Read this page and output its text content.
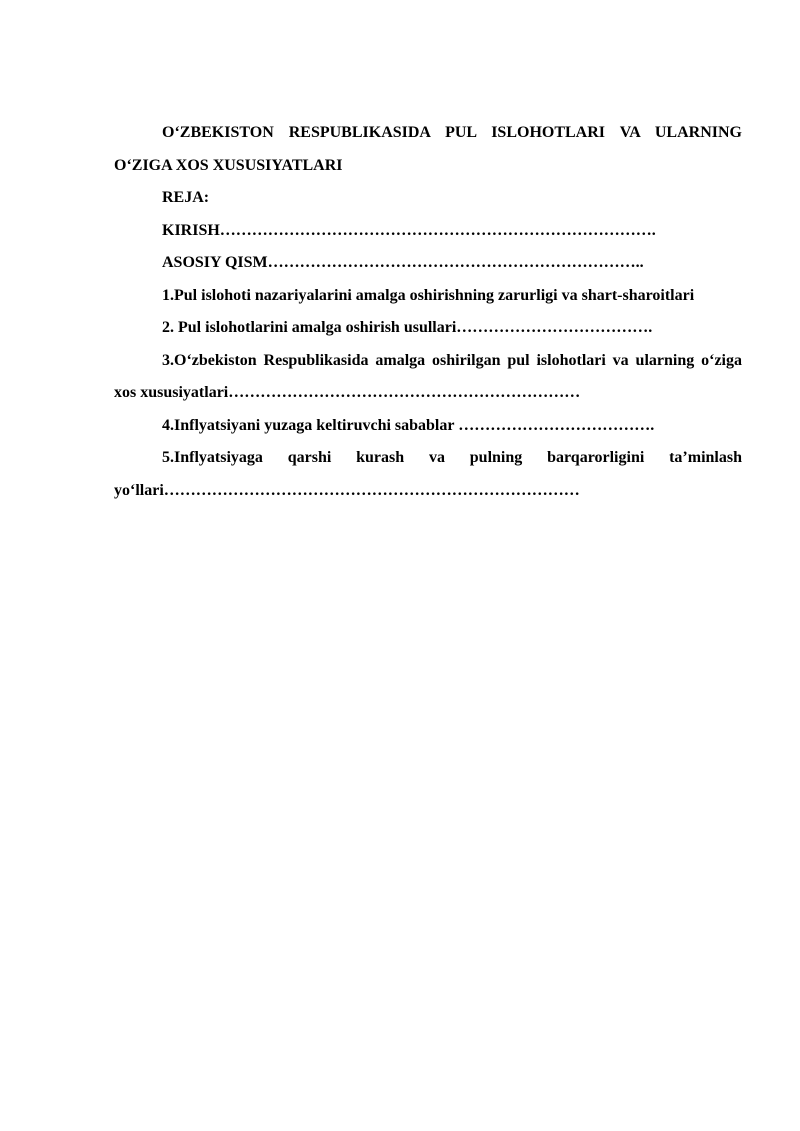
O‘ZBEKISTON RESPUBLIKASIDA PUL ISLOHOTLARI VA ULARNING O‘ZIGA XOS XUSUSIYATLARI

REJA:

KIRISH……………………………………………………………………….

ASOSIY QISM……………………………………………………………..

1.Pul islohoti nazariyalarini amalga oshirishning zarurligi va shart-sharoitlari

2. Pul islohotlarini amalga oshirish usullari……………………………….

3.O‘zbekiston Respublikasida amalga oshirilgan pul islohotlari va ularning o‘ziga xos xususiyatlari…………………………………………………………

4.Inflyatsiyani yuzaga keltiruvchi sabablar ……………………………….

5.Inflyatsiyaga qarshi kurash va pulning barqarorligini ta’minlash yo‘llari……………………………………………………………………
